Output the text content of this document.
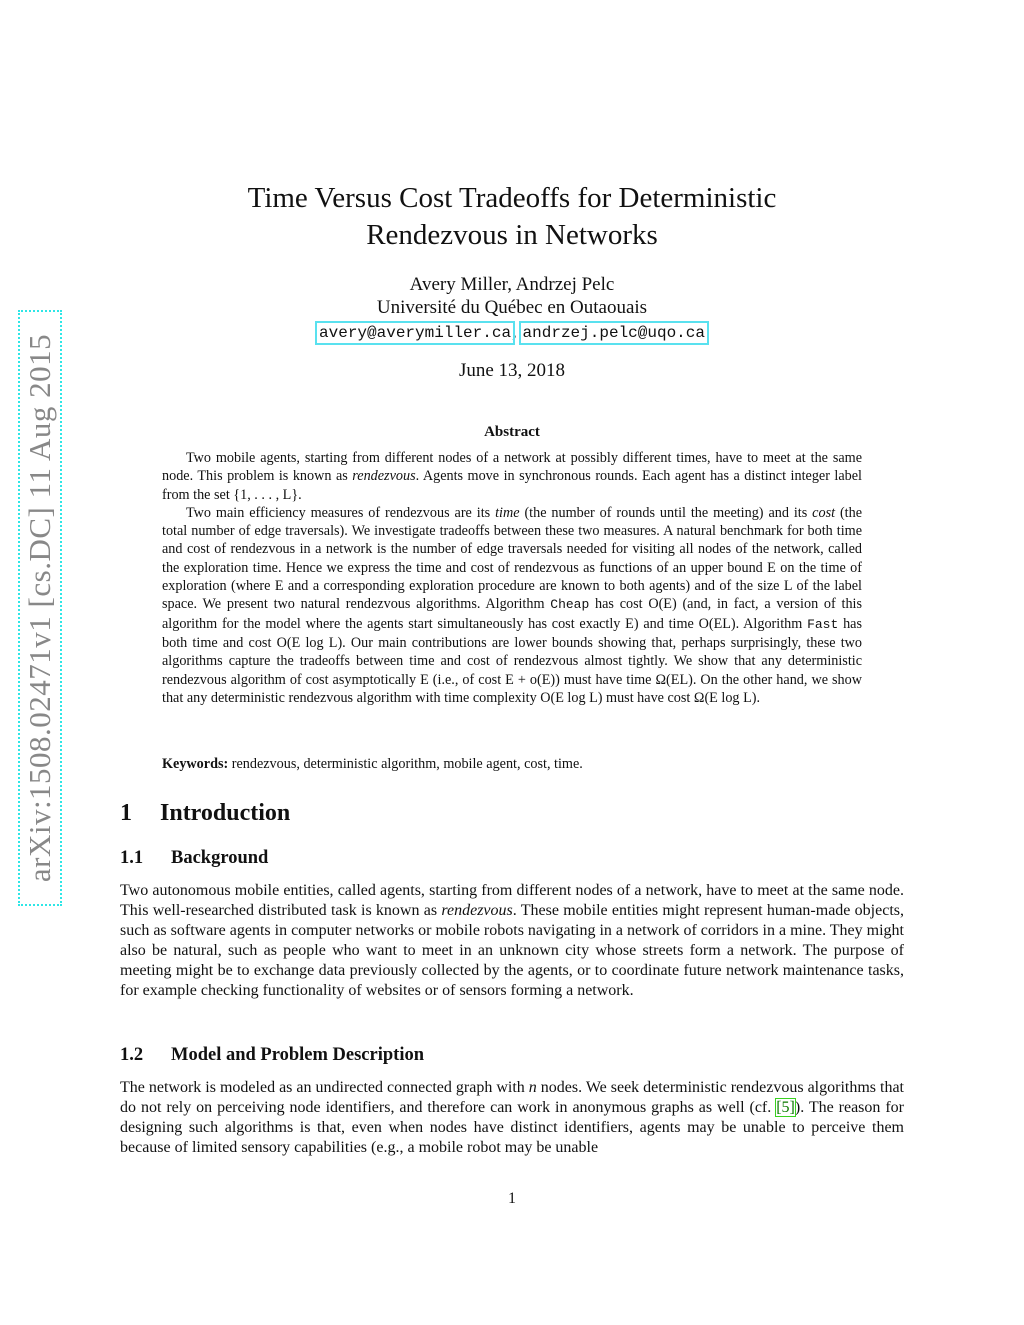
arXiv:1508.02471v1 [cs.DC] 11 Aug 2015
Time Versus Cost Tradeoffs for Deterministic
Rendezvous in Networks
Avery Miller, Andrzej Pelc
Université du Québec en Outaouais
avery@averymiller.ca, andrzej.pelc@uqo.ca
June 13, 2018
Abstract

Two mobile agents, starting from different nodes of a network at possibly different times, have to meet at the same node. This problem is known as rendezvous. Agents move in synchronous rounds. Each agent has a distinct integer label from the set {1, . . . , L}.

Two main efficiency measures of rendezvous are its time (the number of rounds until the meeting) and its cost (the total number of edge traversals). We investigate tradeoffs between these two measures. A natural benchmark for both time and cost of rendezvous in a network is the number of edge traversals needed for visiting all nodes of the network, called the exploration time. Hence we express the time and cost of rendezvous as functions of an upper bound E on the time of exploration (where E and a corresponding exploration procedure are known to both agents) and of the size L of the label space. We present two natural rendezvous algorithms. Algorithm Cheap has cost O(E) (and, in fact, a version of this algorithm for the model where the agents start simultaneously has cost exactly E) and time O(EL). Algorithm Fast has both time and cost O(E log L). Our main contributions are lower bounds showing that, perhaps surprisingly, these two algorithms capture the tradeoffs between time and cost of rendezvous almost tightly. We show that any deterministic rendezvous algorithm of cost asymptotically E (i.e., of cost E + o(E)) must have time Ω(EL). On the other hand, we show that any deterministic rendezvous algorithm with time complexity O(E log L) must have cost Ω(E log L).

Keywords: rendezvous, deterministic algorithm, mobile agent, cost, time.
1 Introduction
1.1 Background

Two autonomous mobile entities, called agents, starting from different nodes of a network, have to meet at the same node. This well-researched distributed task is known as rendezvous. These mobile entities might represent human-made objects, such as software agents in computer networks or mobile robots navigating in a network of corridors in a mine. They might also be natural, such as people who want to meet in an unknown city whose streets form a network. The purpose of meeting might be to exchange data previously collected by the agents, or to coordinate future network maintenance tasks, for example checking functionality of websites or of sensors forming a network.

1.2 Model and Problem Description

The network is modeled as an undirected connected graph with n nodes. We seek deterministic rendezvous algorithms that do not rely on perceiving node identifiers, and therefore can work in anonymous graphs as well (cf. [5]). The reason for designing such algorithms is that, even when nodes have distinct identifiers, agents may be unable to perceive them because of limited sensory capabilities (e.g., a mobile robot may be unable

1
